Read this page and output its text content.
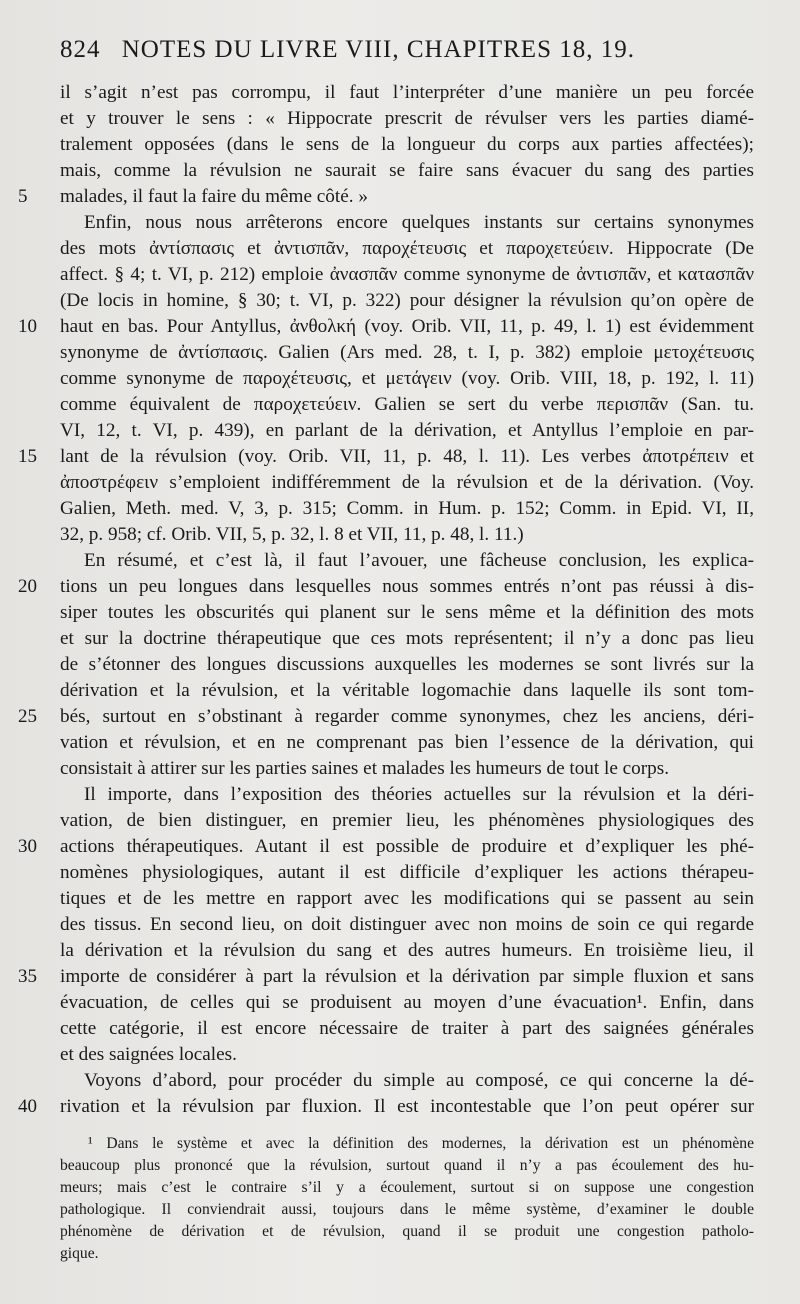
824 NOTES DU LIVRE VIII, CHAPITRES 18, 19.
il s’agit n’est pas corrompu, il faut l’interpréter d’une manière un peu forcée
et y trouver le sens : « Hippocrate prescrit de révulser vers les parties diamé-
tralement opposées (dans le sens de la longueur du corps aux parties affectées);
mais, comme la révulsion ne saurait se faire sans évacuer du sang des parties
malades, il faut la faire du même côté. »
Enfin, nous nous arrêterons encore quelques instants sur certains synonymes
des mots ἀντίσπασις et ἀντισπᾶν, παροχέτευσις et παροχετεύειν. Hippocrate (De
affect. § 4; t. VI, p. 212) emploie ἀνασπᾶν comme synonyme de ἀντισπᾶν, et κατασπᾶν
(De locis in homine, § 30; t. VI, p. 322) pour désigner la révulsion qu’on opère de
haut en bas. Pour Antyllus, ἀνθολκή (voy. Orib. VII, 11, p. 49, l. 1) est évidemment
synonyme de ἀντίσπασις. Galien (Ars med. 28, t. I, p. 382) emploie μετοχέτευσις
comme synonyme de παροχέτευσις, et μετάγειν (voy. Orib. VIII, 18, p. 192, l. 11)
comme équivalent de παροχετεύειν. Galien se sert du verbe περισπᾶν (San. tu.
VI, 12, t. VI, p. 439), en parlant de la dérivation, et Antyllus l’emploie en par-
lant de la révulsion (voy. Orib. VII, 11, p. 48, l. 11). Les verbes ἀποτρέπειν et
ἀποστρέφειν s’emploient indifféremment de la révulsion et de la dérivation. (Voy.
Galien, Meth. med. V, 3, p. 315; Comm. in Hum. p. 152; Comm. in Epid. VI, II,
32, p. 958; cf. Orib. VII, 5, p. 32, l. 8 et VII, 11, p. 48, l. 11.)
En résumé, et c’est là, il faut l’avouer, une fâcheuse conclusion, les explica-
tions un peu longues dans lesquelles nous sommes entrés n’ont pas réussi à dis-
siper toutes les obscurités qui planent sur le sens même et la définition des mots
et sur la doctrine thérapeutique que ces mots représentent; il n’y a donc pas lieu
de s’étonner des longues discussions auxquelles les modernes se sont livrés sur la
dérivation et la révulsion, et la véritable logomachie dans laquelle ils sont tom-
bés, surtout en s’obstinant à regarder comme synonymes, chez les anciens, déri-
vation et révulsion, et en ne comprenant pas bien l’essence de la dérivation, qui
consistait à attirer sur les parties saines et malades les humeurs de tout le corps.
Il importe, dans l’exposition des théories actuelles sur la révulsion et la déri-
vation, de bien distinguer, en premier lieu, les phénomènes physiologiques des
actions thérapeutiques. Autant il est possible de produire et d’expliquer les phé-
nomènes physiologiques, autant il est difficile d’expliquer les actions thérapeu-
tiques et de les mettre en rapport avec les modifications qui se passent au sein
des tissus. En second lieu, on doit distinguer avec non moins de soin ce qui regarde
la dérivation et la révulsion du sang et des autres humeurs. En troisième lieu, il
importe de considérer à part la révulsion et la dérivation par simple fluxion et sans
évacuation, de celles qui se produisent au moyen d’une évacuation¹. Enfin, dans
cette catégorie, il est encore nécessaire de traiter à part des saignées générales
et des saignées locales.
Voyons d’abord, pour procéder du simple au composé, ce qui concerne la dé-
rivation et la révulsion par fluxion. Il est incontestable que l’on peut opérer sur
5
10
15
20
25
30
35
40
¹ Dans le système et avec la définition des modernes, la dérivation est un phénomène
beaucoup plus prononcé que la révulsion, surtout quand il n’y a pas écoulement des hu-
meurs; mais c’est le contraire s’il y a écoulement, surtout si on suppose une congestion
pathologique. Il conviendrait aussi, toujours dans le même système, d’examiner le double
phénomène de dérivation et de révulsion, quand il se produit une congestion patholo-
gique.
